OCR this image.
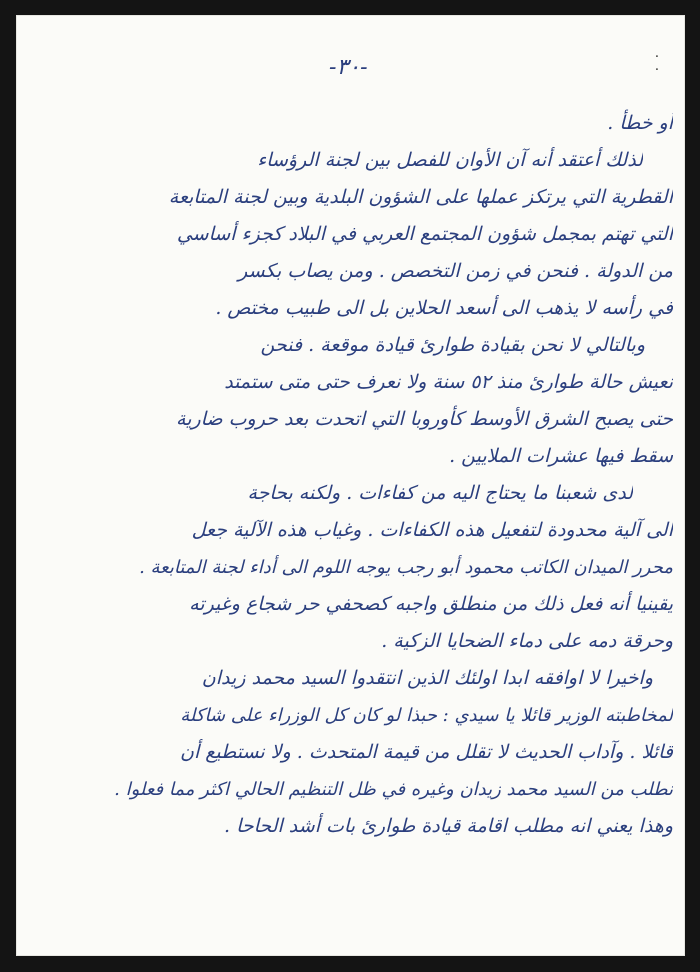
·
·
-٣٠-
أو خطأ .
لذلك أعتقد أنه آن الأوان للفصل بين لجنة الرؤساء
القطرية التي يرتكز عملها على الشؤون البلدية وبين لجنة المتابعة
التي تهتم بمجمل شؤون المجتمع العربي في البلاد كجزء أساسي
من الدولة . فنحن في زمن التخصص . ومن يصاب بكسر
في رأسه لا يذهب الى أسعد الحلاين بل الى طبيب مختص .
وبالتالي لا نحن بقيادة طوارئ قيادة موقعة . فنحن
نعيش حالة طوارئ منذ ٥٢ سنة ولا نعرف حتى متى ستمتد
حتى يصبح الشرق الأوسط كأوروبا التي اتحدت بعد حروب ضارية
سقط فيها عشرات الملايين .
لدى شعبنا ما يحتاج اليه من كفاءات . ولكنه بحاجة
الى آلية محدودة لتفعيل هذه الكفاءات . وغياب هذه الآلية جعل
محرر الميدان الكاتب محمود أبو رجب يوجه اللوم الى أداء لجنة المتابعة .
يقينيا أنه فعل ذلك من منطلق واجبه كصحفي حر شجاع وغيرته
وحرقة دمه على دماء الضحايا الزكية .
واخيرا لا اوافقه ابدا اولئك الذين انتقدوا السيد محمد زيدان
لمخاطبته الوزير قائلا يا سيدي : حبذا لو كان كل الوزراء على شاكلة
قائلا . وآداب الحديث لا تقلل من قيمة المتحدث . ولا نستطيع أن
نطلب من السيد محمد زيدان وغيره في ظل التنظيم الحالي اكثر مما فعلوا .
وهذا يعني انه مطلب اقامة قيادة طوارئ بات أشد الحاحا .
